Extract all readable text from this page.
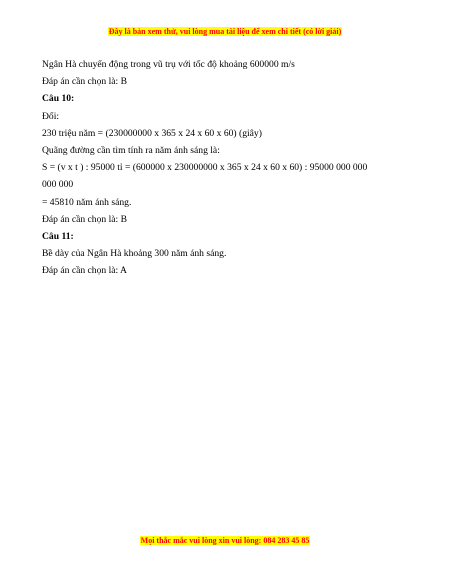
Đây là bản xem thử, vui lòng mua tài liệu để xem chi tiết (có lời giải)

Ngân Hà chuyển động trong vũ trụ với tốc độ khoảng 600000 m/s

Đáp án cần chọn là: B

Câu 10:

Đổi:

230 triệu năm = (230000000 x 365 x 24 x 60 x 60) (giây)

Quãng đường cần tìm tính ra năm ánh sáng là:

S = (v x t ) : 95000 tỉ = (600000 x 230000000 x 365 x 24 x 60 x 60) : 95000 000 000 000 000

= 45810 năm ánh sáng.

Đáp án cần chọn là: B

Câu 11:

Bề dày của Ngân Hà khoảng 300 năm ánh sáng.

Đáp án cần chọn là: A

Mọi thắc mắc vui lòng xin vui lòng: 084 283 45 85
